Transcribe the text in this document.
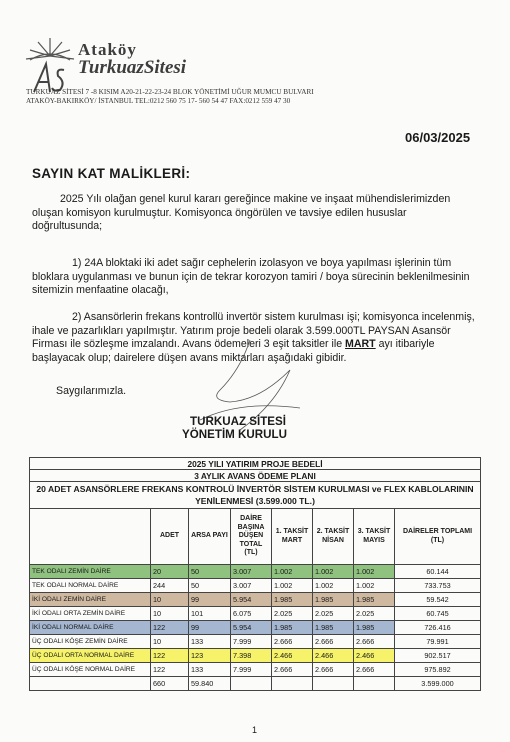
Ataköy
TurkuazSitesi
TURKUAZ SİTESİ 7 -8 KISIM A20-21-22-23-24 BLOK YÖNETİMİ UĞUR MUMCU BULVARI
ATAKÖY-BAKIRKÖY/ İSTANBUL TEL:0212 560 75 17- 560 54 47 FAX:0212 559 47 30
06/03/2025
SAYIN KAT MALİKLERİ:
2025 Yılı olağan genel kurul kararı gereğince makine ve inşaat mühendislerimizden oluşan komisyon kurulmuştur. Komisyonca öngörülen ve tavsiye edilen hususlar doğrultusunda;
1) 24A bloktaki iki adet sağır cephelerin izolasyon ve boya yapılması işlerinin tüm bloklara uygulanması ve bunun için de tekrar korozyon tamiri / boya sürecinin beklenilmesinin sitemizin menfaatine olacağı,
2) Asansörlerin frekans kontrollü invertör sistem kurulması işi; komisyonca incelenmiş, ihale ve pazarlıkları yapılmıştır. Yatırım proje bedeli olarak 3.599.000TL PAYSAN Asansör Firması ile sözleşme imzalandı. Avans ödemeleri 3 eşit taksitler ile MART ayı itibariyle başlayacak olup; dairelere düşen avans miktarları aşağıdaki gibidir.
Saygılarımızla.
TURKUAZ SİTESİ
YÖNETİM KURULU
2025 YILI YATIRIM PROJE BEDELİ							
3 AYLIK AVANS ÖDEME PLANI							
20 ADET ASANSÖRLERE FREKANS KONTROLÜ İNVERTÖR SİSTEM KURULMASI ve FLEX KABLOLARININ YENİLENMESİ (3.599.000 TL.)							
	ADET	ARSA PAYI	DAİRE BAŞINA DÜŞEN TOTAL (TL)	1. TAKSİT MART	2. TAKSİT NİSAN	3. TAKSİT MAYIS	DAİRELER TOPLAMI (TL)
TEK ODALI ZEMİN DAİRE	20	50	3.007	1.002	1.002	1.002	60.144
TEK ODALI NORMAL DAİRE	244	50	3.007	1.002	1.002	1.002	733.753
İKİ ODALI ZEMİN DAİRE	10	99	5.954	1.985	1.985	1.985	59.542
İKİ ODALI ORTA ZEMİN DAİRE	10	101	6.075	2.025	2.025	2.025	60.745
İKİ ODALI NORMAL DAİRE	122	99	5.954	1.985	1.985	1.985	726.416
ÜÇ ODALI KÖŞE ZEMİN DAİRE	10	133	7.999	2.666	2.666	2.666	79.991
ÜÇ ODALI ORTA NORMAL DAİRE	122	123	7.398	2.466	2.466	2.466	902.517
ÜÇ ODALI KÖŞE NORMAL DAİRE	122	133	7.999	2.666	2.666	2.666	975.892
	660	59.840					3.599.000
1
